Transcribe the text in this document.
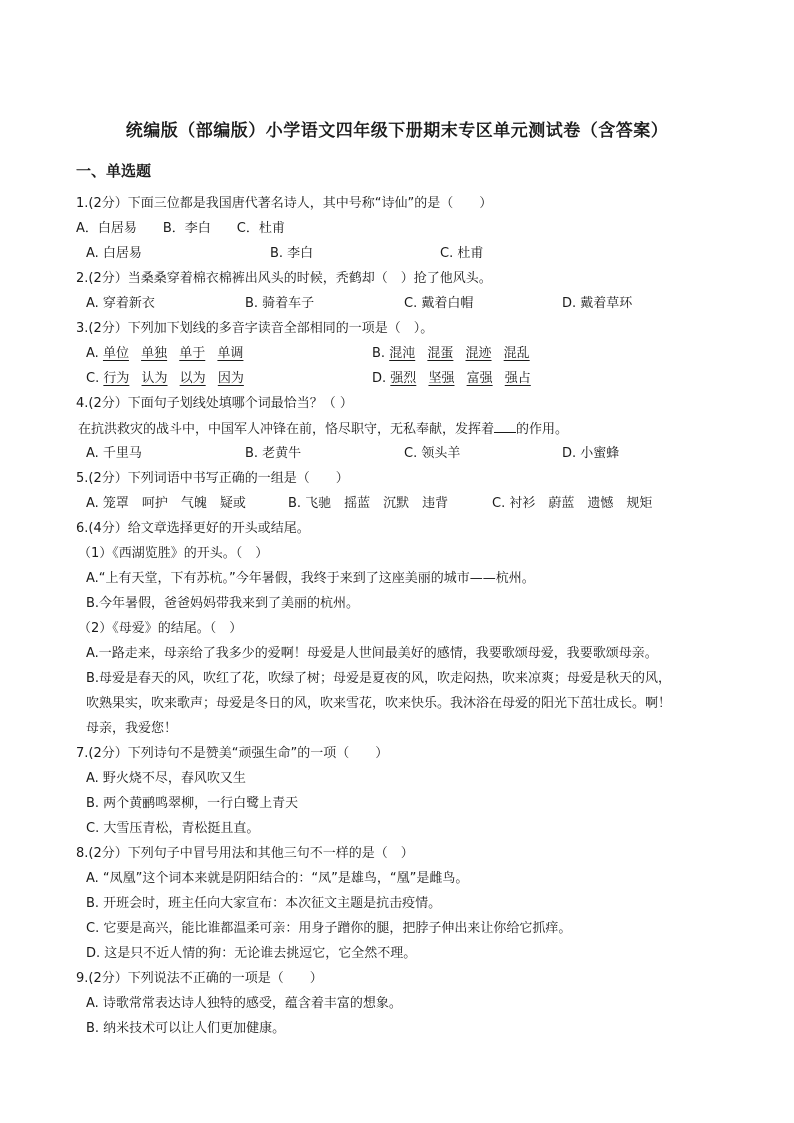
统编版（部编版）小学语文四年级下册期末专区单元测试卷（含答案）
一、单选题
1.(2分）下面三位都是我国唐代著名诗人，其中号称“诗仙”的是（　　）
A．白居易　　B．李白　　C．杜甫
A. 白居易	B. 李白	C. 杜甫
2.(2分）当桑桑穿着棉衣棉裤出风头的时候，秃鹤却（　）抢了他风头。
A. 穿着新衣	B. 骑着车子	C. 戴着白帽	D. 戴着草环
3.(2分）下列加下划线的多音字读音全部相同的一项是（　）。
A. 单位 单独 单于 单调	B. 混沌 混蛋 混迹 混乱
C. 行为 认为 以为 因为	D. 强烈 坚强 富强 强占
4.(2分）下面句子划线处填哪个词最恰当？（ ）
在抗洪救灾的战斗中，中国军人冲锋在前，恪尽职守，无私奉献，发挥着 的作用。
A. 千里马	B. 老黄牛	C. 领头羊	D. 小蜜蜂
5.(2分）下列词语中书写正确的一组是（　　）
A. 笼罩　呵护　气魄　疑或	B. 飞驰　摇蓝　沉默　违背	C. 衬衫　蔚蓝　遗憾　规矩
6.(4分）给文章选择更好的开头或结尾。
（1）《西湖览胜》的开头。（　）
A.“上有天堂，下有苏杭。”今年暑假，我终于来到了这座美丽的城市——杭州。
B.今年暑假，爸爸妈妈带我来到了美丽的杭州。
（2）《母爱》的结尾。（　）
A.一路走来，母亲给了我多少的爱啊！母爱是人世间最美好的感情，我要歌颂母爱，我要歌颂母亲。
B.母爱是春天的风，吹红了花，吹绿了树；母爱是夏夜的风，吹走闷热，吹来凉爽；母爱是秋天的风，
吹熟果实，吹来歌声；母爱是冬日的风，吹来雪花，吹来快乐。我沐浴在母爱的阳光下茁壮成长。啊！
母亲，我爱您！
7.(2分）下列诗句不是赞美“顽强生命”的一项（　　）
A. 野火烧不尽，春风吹又生
B. 两个黄鹂鸣翠柳，一行白鹭上青天
C. 大雪压青松，青松挺且直。
8.(2分）下列句子中冒号用法和其他三句不一样的是（　）
A. “凤凰”这个词本来就是阴阳结合的：“凤”是雄鸟，“凰”是雌鸟。
B. 开班会时，班主任向大家宣布：本次征文主题是抗击疫情。
C. 它要是高兴，能比谁都温柔可亲：用身子蹭你的腿，把脖子伸出来让你给它抓痒。
D. 这是只不近人情的狗：无论谁去挑逗它，它全然不理。
9.(2分）下列说法不正确的一项是（　　）
A. 诗歌常常表达诗人独特的感受，蕴含着丰富的想象。
B. 纳米技术可以让人们更加健康。
